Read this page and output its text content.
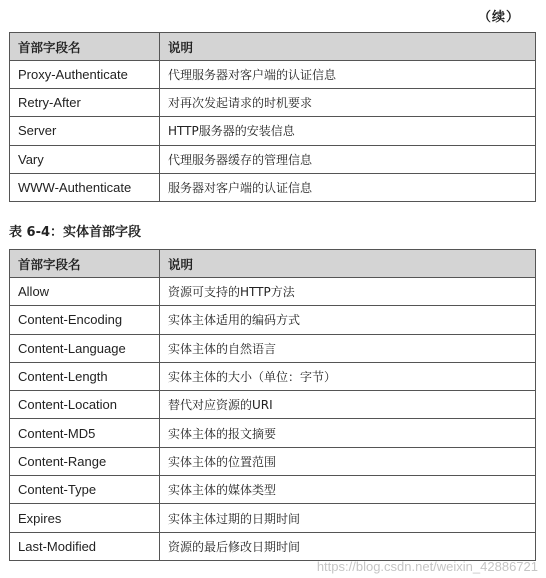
（续）
首部字段名	说明
Proxy-Authenticate	代理服务器对客户端的认证信息
Retry-After	对再次发起请求的时机要求
Server	HTTP服务器的安装信息
Vary	代理服务器缓存的管理信息
WWW-Authenticate	服务器对客户端的认证信息
表 6-4：实体首部字段
首部字段名	说明
Allow	资源可支持的HTTP方法
Content-Encoding	实体主体适用的编码方式
Content-Language	实体主体的自然语言
Content-Length	实体主体的大小（单位：字节）
Content-Location	替代对应资源的URI
Content-MD5	实体主体的报文摘要
Content-Range	实体主体的位置范围
Content-Type	实体主体的媒体类型
Expires	实体主体过期的日期时间
Last-Modified	资源的最后修改日期时间
https://blog.csdn.net/weixin_42886721
